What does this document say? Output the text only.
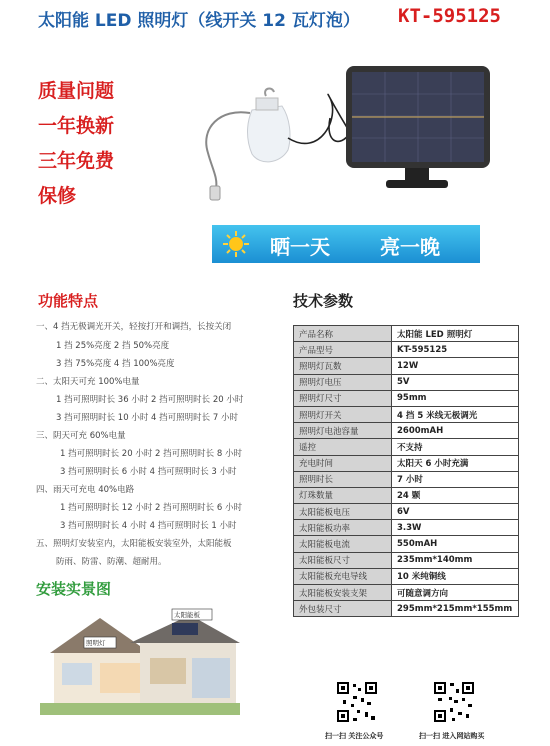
太阳能 LED 照明灯（线开关 12 瓦灯泡） KT-595125
质量问题
一年换新
三年免费
保修
晒一天	亮一晚
功能特点
一、4 挡无极调光开关，轻按打开和调挡，长按关闭
1 挡 25%亮度 2 挡 50%亮度
3 挡 75%亮度 4 挡 100%亮度
二、太阳天可充 100%电量
1 挡可照明时长 36 小时 2 挡可照明时长 20 小时
3 挡可照明时长 10 小时 4 挡可照明时长 7 小时
三、阴天可充 60%电量
1 挡可照明时长 20 小时 2 挡可照明时长 8 小时
3 挡可照明时长 6 小时 4 挡可照明时长 3 小时
四、雨天可充电 40%电路
1 挡可照明时长 12 小时 2 挡可照明时长 6 小时
3 挡可照明时长 4 小时 4 挡可照明时长 1 小时
五、照明灯安装室内，太阳能板安装室外，太阳能板
防雨、防雷、防潮、超耐用。
技术参数
产品名称	太阳能 LED 照明灯
产品型号	KT-595125
照明灯瓦数	12W
照明灯电压	5V
照明灯尺寸	95mm
照明灯开关	4 挡 5 米线无极调光
照明灯电池容量	2600mAH
遥控	不支持
充电时间	太阳天 6 小时充满
照明时长	7 小时
灯珠数量	24 颗
太阳能板电压	6V
太阳能板功率	3.3W
太阳能板电流	550mAH
太阳能板尺寸	235mm*140mm
太阳能板充电导线	10 米纯铜线
太阳能板安装支架	可随意调方向
外包装尺寸	295mm*215mm*155mm
安装实景图
照明灯
太阳能板
扫一扫 关注公众号	扫一扫 进入网站购买
